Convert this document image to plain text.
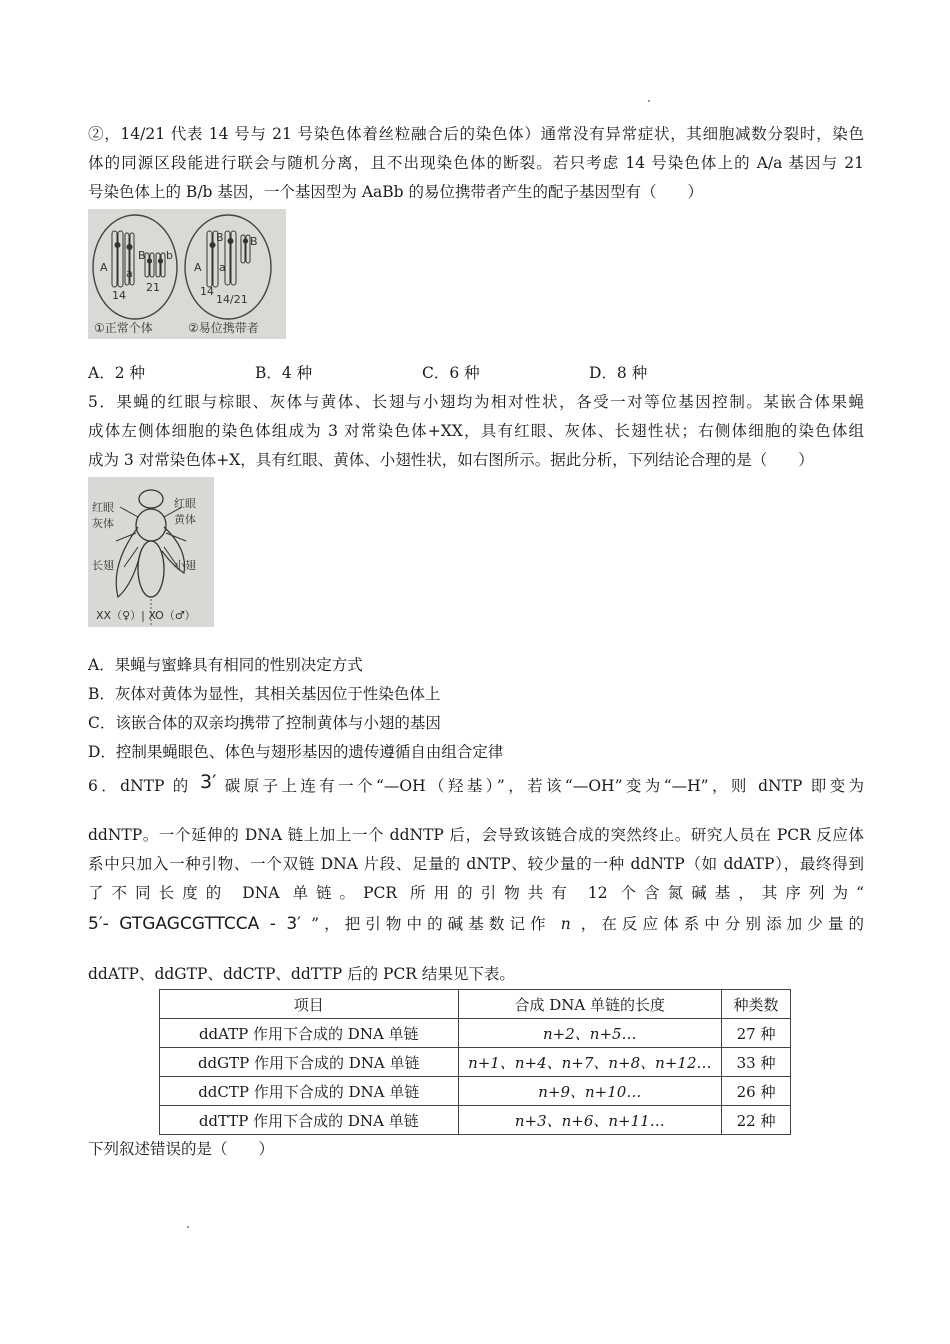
②，14/21 代表 14 号与 21 号染色体着丝粒融合后的染色体）通常没有异常症状，其细胞减数分裂时，染色
体的同源区段能进行联会与随机分离，且不出现染色体的断裂。若只考虑 14 号染色体上的 A/a 基因与 21
号染色体上的 B/b 基因，一个基因型为 AaBb 的易位携带者产生的配子基因型有（　　）
A a
B b
14
21
A a
B B
14
14/21
①正常个体	②易位携带者
A．2 种	B．4 种	C．6 种	D．8 种
5．果蝇的红眼与棕眼、灰体与黄体、长翅与小翅均为相对性状，各受一对等位基因控制。某嵌合体果蝇
成体左侧体细胞的染色体组成为 3 对常染色体+XX，具有红眼、灰体、长翅性状；右侧体细胞的染色体组
成为 3 对常染色体+X，具有红眼、黄体、小翅性状，如右图所示。据此分析，下列结论合理的是（　　）
红眼
灰体
长翅
红眼
黄体
小翅
XX（♀）| XO（♂）
A．果蝇与蜜蜂具有相同的性别决定方式
B．灰体对黄体为显性，其相关基因位于性染色体上
C．该嵌合体的双亲均携带了控制黄体与小翅的基因
D．控制果蝇眼色、体色与翅形基因的遗传遵循自由组合定律
6．dNTP 的 3′ 碳原子上连有一个“—OH（羟基）”，若该“—OH”变为“—H”，则 dNTP 即变为
ddNTP。一个延伸的 DNA 链上加上一个 ddNTP 后，会导致该链合成的突然终止。研究人员在 PCR 反应体
系中只加入一种引物、一个双链 DNA 片段、足量的 dNTP、较少量的一种 ddNTP（如 ddATP），最终得到
了不同长度的 DNA 单链。PCR 所用的引物共有 12 个含氮碱基，其序列为“
5′- GTGAGCGTTCCA - 3′ ”，把引物中的碱基数记作 n ，在反应体系中分别添加少量的
ddATP、ddGTP、ddCTP、ddTTP 后的 PCR 结果见下表。
项目	合成 DNA 单链的长度	种类数
ddATP 作用下合成的 DNA 单链	n+2、n+5…	27 种
ddGTP 作用下合成的 DNA 单链	n+1、n+4、n+7、n+8、n+12…	33 种
ddCTP 作用下合成的 DNA 单链	n+9、n+10…	26 种
ddTTP 作用下合成的 DNA 单链	n+3、n+6、n+11…	22 种
下列叙述错误的是（　　）
